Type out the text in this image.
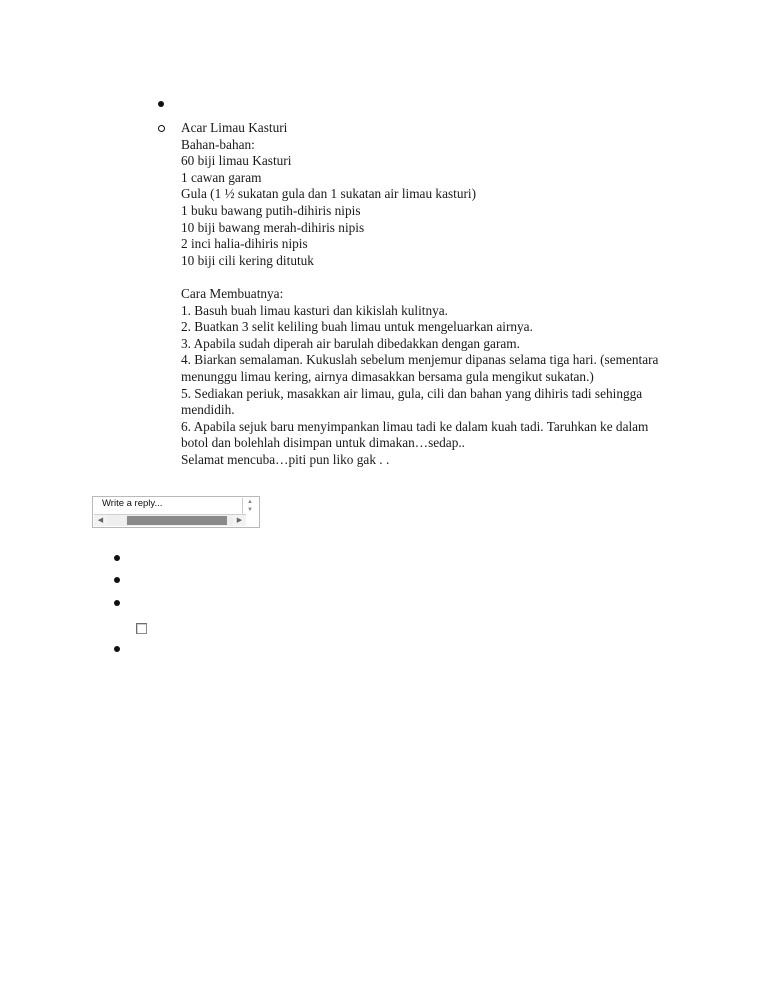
Acar Limau Kasturi
Bahan-bahan:
60 biji limau Kasturi
1 cawan garam
Gula (1 ½ sukatan gula dan 1 sukatan air limau kasturi)
1 buku bawang putih-dihiris nipis
10 biji bawang merah-dihiris nipis
2 inci halia-dihiris nipis
10 biji cili kering ditutuk
Cara Membuatnya:
1. Basuh buah limau kasturi dan kikislah kulitnya.
2. Buatkan 3 selit keliling buah limau untuk mengeluarkan airnya.
3. Apabila sudah diperah air barulah dibedakkan dengan garam.
4. Biarkan semalaman. Kukuslah sebelum menjemur dipanas selama tiga hari. (sementara menunggu limau kering, airnya dimasakkan bersama gula mengikut sukatan.)
5. Sediakan periuk, masakkan air limau, gula, cili dan bahan yang dihiris tadi sehingga mendidih.
6. Apabila sejuk baru menyimpankan limau tadi ke dalam kuah tadi. Taruhkan ke dalam botol dan bolehlah disimpan untuk dimakan…sedap..
Selamat mencuba…piti pun liko gak . .
Write a reply...	▲
▼
◀	▶
